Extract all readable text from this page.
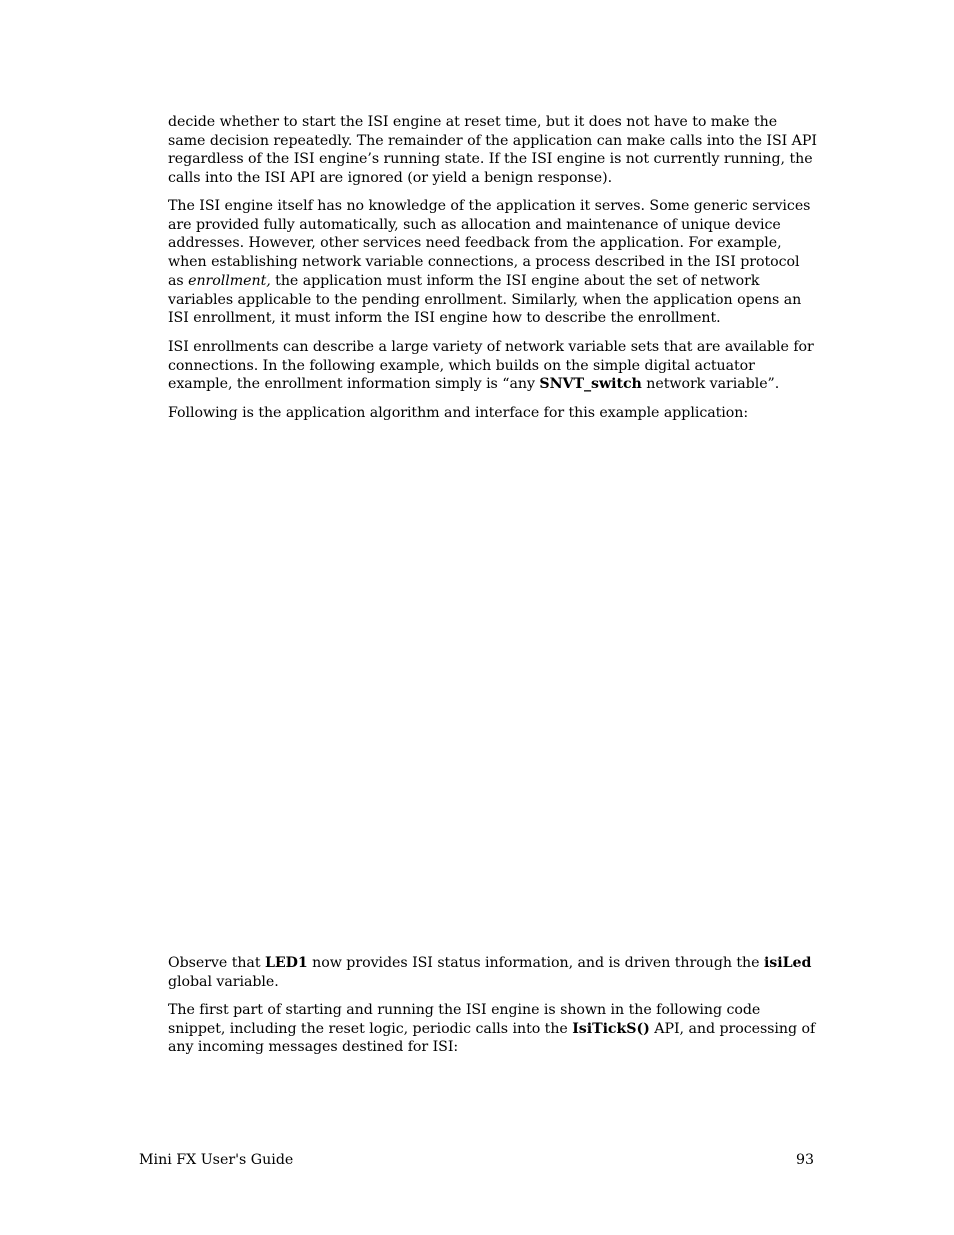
decide whether to start the ISI engine at reset time, but it does not have to make the same decision repeatedly. The remainder of the application can make calls into the ISI API regardless of the ISI engine’s running state. If the ISI engine is not currently running, the calls into the ISI API are ignored (or yield a benign response).

The ISI engine itself has no knowledge of the application it serves. Some generic services are provided fully automatically, such as allocation and maintenance of unique device addresses. However, other services need feedback from the application. For example, when establishing network variable connections, a process described in the ISI protocol as enrollment, the application must inform the ISI engine about the set of network variables applicable to the pending enrollment. Similarly, when the application opens an ISI enrollment, it must inform the ISI engine how to describe the enrollment.

ISI enrollments can describe a large variety of network variable sets that are available for connections. In the following example, which builds on the simple digital actuator example, the enrollment information simply is “any SNVT_switch network variable”.

Following is the application algorithm and interface for this example application:

Observe that LED1 now provides ISI status information, and is driven through the isiLed global variable.

The first part of starting and running the ISI engine is shown in the following code snippet, including the reset logic, periodic calls into the IsiTickS() API, and processing of any incoming messages destined for ISI:

Mini FX User's Guide	93
